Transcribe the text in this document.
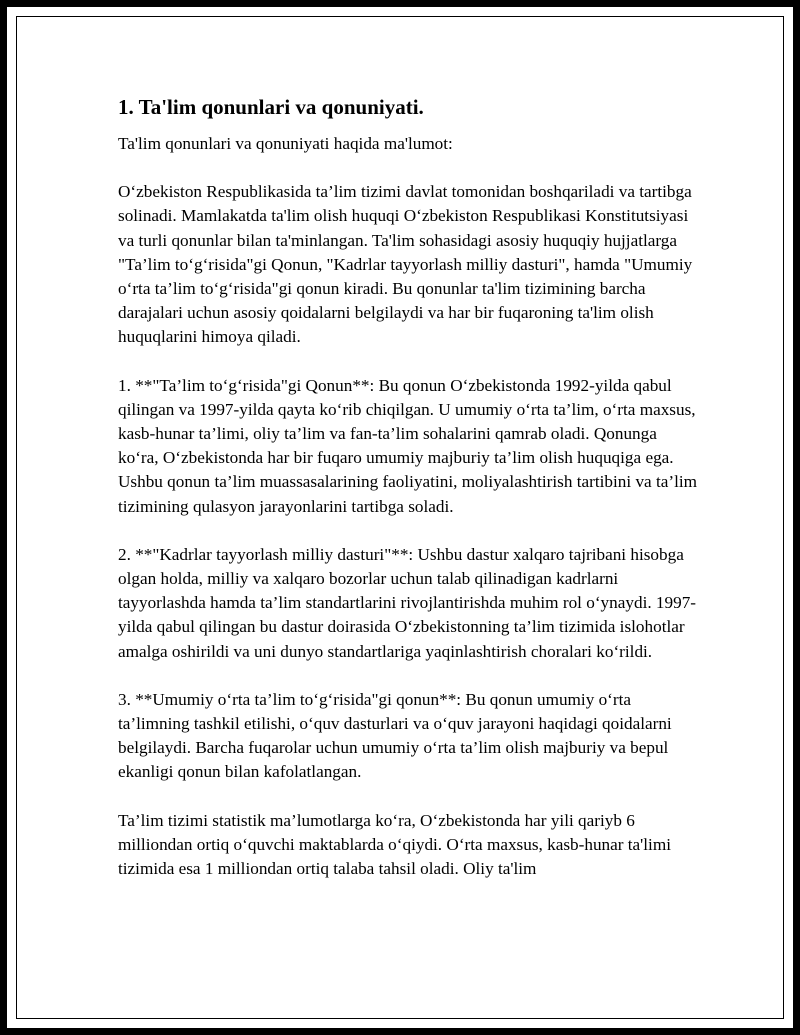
1. Ta'lim qonunlari va qonuniyati.

Ta'lim qonunlari va qonuniyati haqida ma'lumot:

O‘zbekiston Respublikasida ta’lim tizimi davlat tomonidan boshqariladi va tartibga solinadi. Mamlakatda ta'lim olish huquqi O‘zbekiston Respublikasi Konstitutsiyasi va turli qonunlar bilan ta'minlangan. Ta'lim sohasidagi asosiy huquqiy hujjatlarga "Ta’lim to‘g‘risida"gi Qonun, "Kadrlar tayyorlash milliy dasturi", hamda "Umumiy o‘rta ta’lim to‘g‘risida"gi qonun kiradi. Bu qonunlar ta'lim tizimining barcha darajalari uchun asosiy qoidalarni belgilaydi va har bir fuqaroning ta'lim olish huquqlarini himoya qiladi.

1. **"Ta’lim to‘g‘risida"gi Qonun**: Bu qonun O‘zbekistonda 1992-yilda qabul qilingan va 1997-yilda qayta ko‘rib chiqilgan. U umumiy o‘rta ta’lim, o‘rta maxsus, kasb-hunar ta’limi, oliy ta’lim va fan-ta’lim sohalarini qamrab oladi. Qonunga ko‘ra, O‘zbekistonda har bir fuqaro umumiy majburiy ta’lim olish huquqiga ega. Ushbu qonun ta’lim muassasalarining faoliyatini, moliyalashtirish tartibini va ta’lim tizimining qulasyon jarayonlarini tartibga soladi.

2. **"Kadrlar tayyorlash milliy dasturi"**: Ushbu dastur xalqaro tajribani hisobga olgan holda, milliy va xalqaro bozorlar uchun talab qilinadigan kadrlarni tayyorlashda hamda ta’lim standartlarini rivojlantirishda muhim rol o‘ynaydi. 1997-yilda qabul qilingan bu dastur doirasida O‘zbekistonning ta’lim tizimida islohotlar amalga oshirildi va uni dunyo standartlariga yaqinlashtirish choralari ko‘rildi.

3. **Umumiy o‘rta ta’lim to‘g‘risida"gi qonun**: Bu qonun umumiy o‘rta ta’limning tashkil etilishi, o‘quv dasturlari va o‘quv jarayoni haqidagi qoidalarni belgilaydi. Barcha fuqarolar uchun umumiy o‘rta ta’lim olish majburiy va bepul ekanligi qonun bilan kafolatlangan.

Ta’lim tizimi statistik ma’lumotlarga ko‘ra, O‘zbekistonda har yili qariyb 6 milliondan ortiq o‘quvchi maktablarda o‘qiydi. O‘rta maxsus, kasb-hunar ta'limi tizimida esa 1 milliondan ortiq talaba tahsil oladi. Oliy ta'lim
